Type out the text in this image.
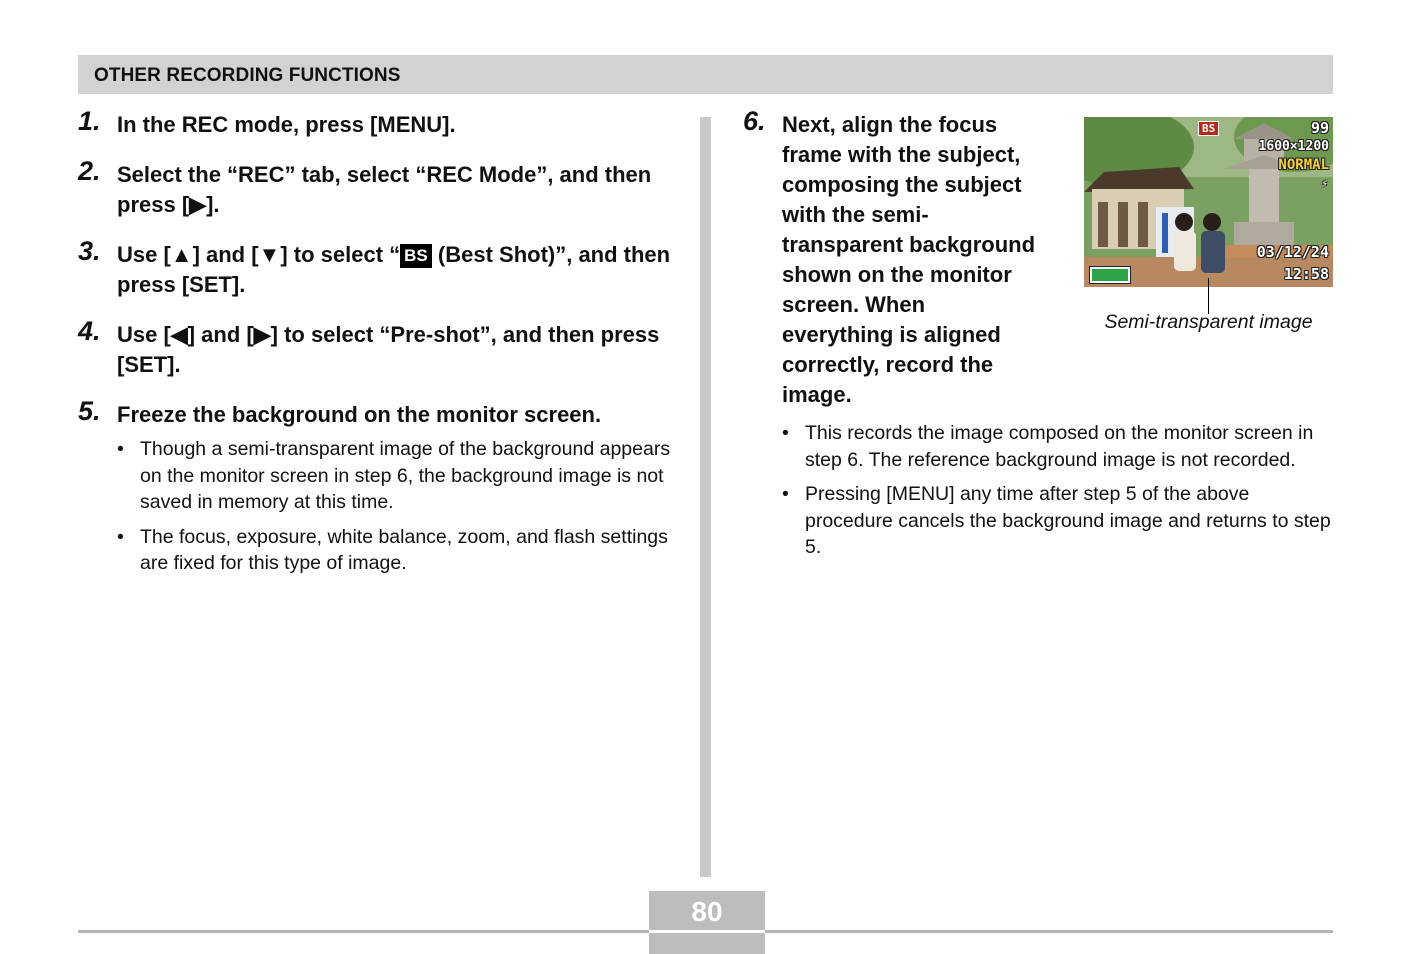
OTHER RECORDING FUNCTIONS
1. In the REC mode, press [MENU].
2. Select the “REC” tab, select “REC Mode”, and then press [▶].
3. Use [▲] and [▼] to select “ BS (Best Shot)”, and then press [SET].
4. Use [◀] and [▶] to select “Pre-shot”, and then press [SET].
5. Freeze the background on the monitor screen.
• Though a semi-transparent image of the background appears on the monitor screen in step 6, the background image is not saved in memory at this time.
• The focus, exposure, white balance, zoom, and flash settings are fixed for this type of image.
6. Next, align the focus frame with the subject, composing the subject with the semi-transparent background shown on the monitor screen. When everything is aligned correctly, record the image.
• This records the image composed on the monitor screen in step 6. The reference background image is not recorded.
• Pressing [MENU] any time after step 5 of the above procedure cancels the background image and returns to step 5.
BS	99
1600×1200
NORMAL
⚡
03/12/24
12:58
Semi-transparent image
80
